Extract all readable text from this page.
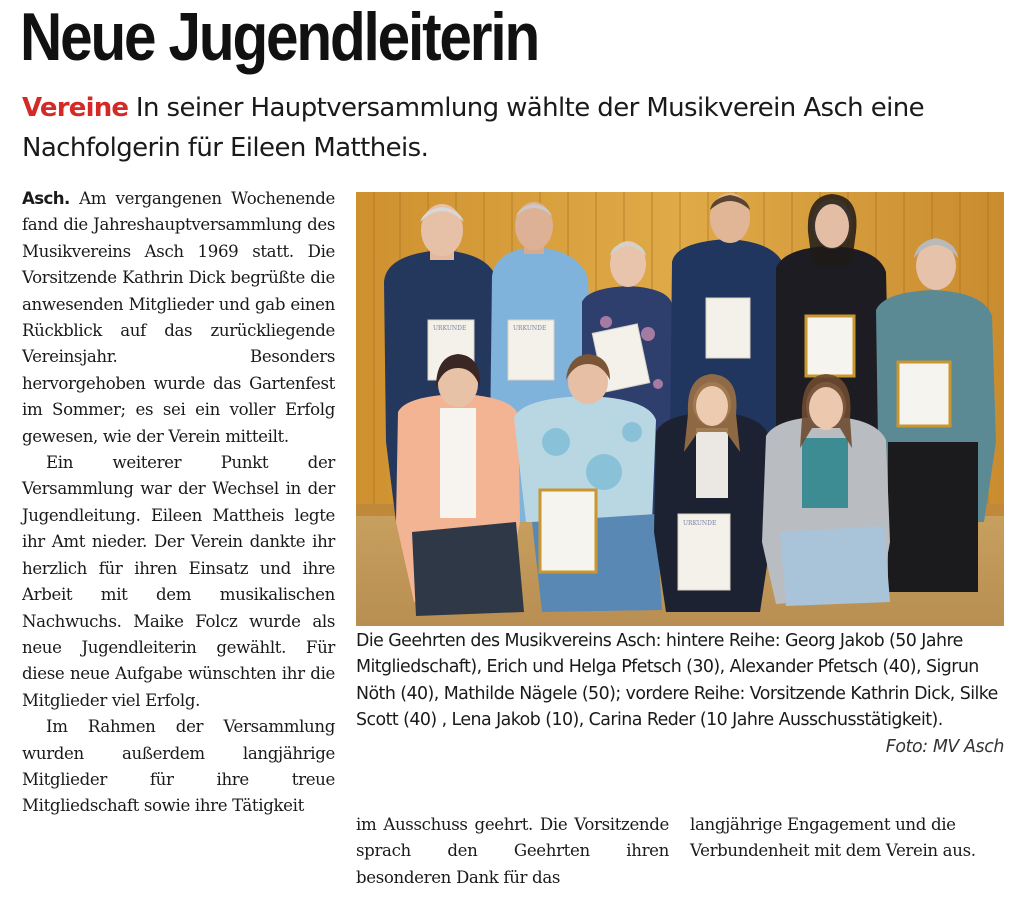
Neue Jugendleiterin

Vereine In seiner Hauptversammlung wählte der Musikverein Asch eine Nachfolgerin für Eileen Mattheis.

Asch. Am vergangenen Wochenende fand die Jahreshauptversammlung des Musikvereins Asch 1969 statt. Die Vorsitzende Kathrin Dick begrüßte die anwesenden Mitglieder und gab einen Rückblick auf das zurückliegende Vereinsjahr. Besonders hervorgehoben wurde das Gartenfest im Sommer; es sei ein voller Erfolg gewesen, wie der Verein mitteilt.

Ein weiterer Punkt der Versammlung war der Wechsel in der Jugendleitung. Eileen Mattheis legte ihr Amt nieder. Der Verein dankte ihr herzlich für ihren Einsatz und ihre Arbeit mit dem musikalischen Nachwuchs. Maike Folcz wurde als neue Jugendleiterin gewählt. Für diese neue Aufgabe wünschten ihr die Mitglieder viel Erfolg.

Im Rahmen der Versammlung wurden außerdem langjährige Mitglieder für ihre treue Mitgliedschaft sowie ihre Tätigkeit

URKUNDE	URKUNDE
URKUNDE

Die Geehrten des Musikvereins Asch: hintere Reihe: Georg Jakob (50 Jahre Mitgliedschaft), Erich und Helga Pfetsch (30), Alexander Pfetsch (40), Sigrun Nöth (40), Mathilde Nägele (50); vordere Reihe: Vorsitzende Kathrin Dick, Silke Scott (40) , Lena Jakob (10), Carina Reder (10 Jahre Ausschusstätigkeit).
Foto: MV Asch

im Ausschuss geehrt. Die Vorsitzende sprach den Geehrten ihren besonderen Dank für das

langjährige Engagement und die Verbundenheit mit dem Verein aus.
